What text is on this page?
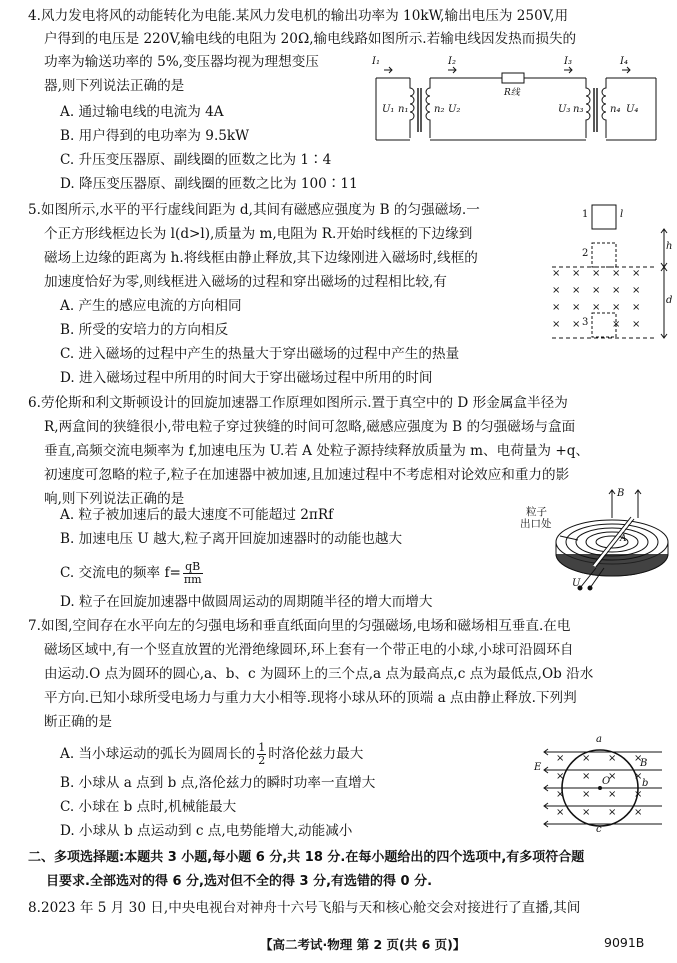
4.风力发电将风的动能转化为电能.某风力发电机的输出功率为 10kW,输出电压为 250V,用
户得到的电压是 220V,输电线的电阻为 20Ω,输电线路如图所示.若输电线因发热而损失的
功率为输送功率的 5%,变压器均视为理想变压
器,则下列说法正确的是
A. 通过输电线的电流为 4A
B. 用户得到的电功率为 9.5kW
C. 升压变压器原、副线圈的匝数之比为 1∶4
D. 降压变压器原、副线圈的匝数之比为 100∶11
I₁	I₂	I₃	I₄
U₁ n₁	n₂ U₂
R线
U₃ n₃	n₄ U₄
5.如图所示,水平的平行虚线间距为 d,其间有磁感应强度为 B 的匀强磁场.一
个正方形线框边长为 l(d>l),质量为 m,电阻为 R.开始时线框的下边缘到
磁场上边缘的距离为 h.将线框由静止释放,其下边缘刚进入磁场时,线框的
加速度恰好为零,则线框进入磁场的过程和穿出磁场的过程相比较,有
A. 产生的感应电流的方向相同
B. 所受的安培力的方向相反
C. 进入磁场的过程中产生的热量大于穿出磁场的过程中产生的热量
D. 进入磁场过程中所用的时间大于穿出磁场过程中所用的时间
× × × × ×
× × × × ×
× × × × ×
× ×	× ×
1	l
2
h
d
3
6.劳伦斯和利文斯顿设计的回旋加速器工作原理如图所示.置于真空中的 D 形金属盒半径为
R,两盒间的狭缝很小,带电粒子穿过狭缝的时间可忽略,磁感应强度为 B 的匀强磁场与盒面
垂直,高频交流电频率为 f,加速电压为 U.若 A 处粒子源持续释放质量为 m、电荷量为 +q、
初速度可忽略的粒子,粒子在加速器中被加速,且加速过程中不考虑相对论效应和重力的影
响,则下列说法正确的是
A. 粒子被加速后的最大速度不可能超过 2πRf
B. 加速电压 U 越大,粒子离开回旋加速器时的动能也越大
C. 交流电的频率 $f= \frac{qB}{\pi m}$
D. 粒子在回旋加速器中做圆周运动的周期随半径的增大而增大
粒子
出口处
B
A
U
7.如图,空间存在水平向左的匀强电场和垂直纸面向里的匀强磁场,电场和磁场相互垂直.在电
磁场区域中,有一个竖直放置的光滑绝缘圆环,环上套有一个带正电的小球,小球可沿圆环自
由运动.O 点为圆环的圆心,a、b、c 为圆环上的三个点,a 点为最高点,c 点为最低点,Ob 沿水
平方向.已知小球所受电场力与重力大小相等.现将小球从环的顶端 a 点由静止释放.下列判
断正确的是
A. 当小球运动的弧长为圆周长的 $\frac{1}{2}$ 时洛伦兹力最大
B. 小球从 a 点到 b 点,洛伦兹力的瞬时功率一直增大
C. 小球在 b 点时,机械能最大
D. 小球从 b 点运动到 c 点,电势能增大,动能减小
× × × ×
× × × ×
× × × ×
× × × ×
a
b
c
O
E	B
二、多项选择题:本题共 3 小题,每小题 6 分,共 18 分.在每小题给出的四个选项中,有多项符合题
目要求.全部选对的得 6 分,选对但不全的得 3 分,有选错的得 0 分.
8.2023 年 5 月 30 日,中央电视台对神舟十六号飞船与天和核心舱交会对接进行了直播,其间
【高二考试·物理 第 2 页(共 6 页)】	9091B
